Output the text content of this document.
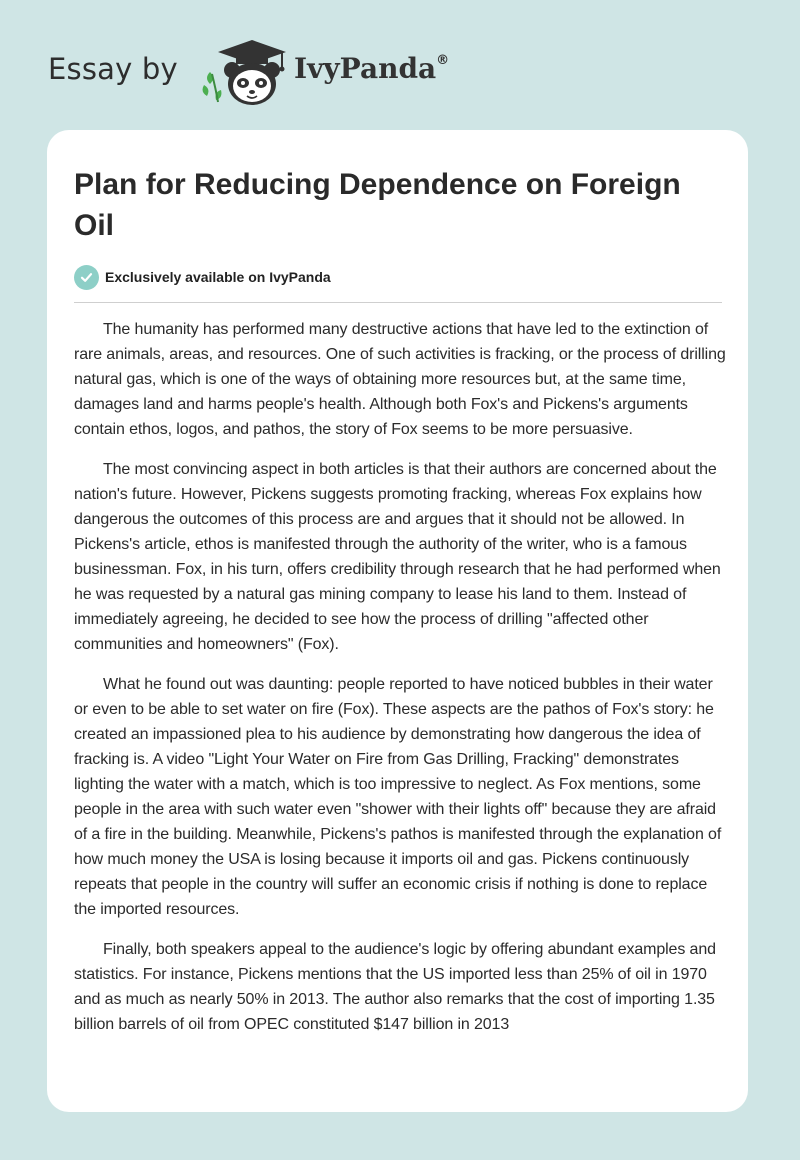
Essay by	IvyPanda®
Plan for Reducing Dependence on Foreign Oil
Exclusively available on IvyPanda

The humanity has performed many destructive actions that have led to the extinction of rare animals, areas, and resources. One of such activities is fracking, or the process of drilling natural gas, which is one of the ways of obtaining more resources but, at the same time, damages land and harms people's health. Although both Fox's and Pickens's arguments contain ethos, logos, and pathos, the story of Fox seems to be more persuasive.

The most convincing aspect in both articles is that their authors are concerned about the nation's future. However, Pickens suggests promoting fracking, whereas Fox explains how dangerous the outcomes of this process are and argues that it should not be allowed. In Pickens's article, ethos is manifested through the authority of the writer, who is a famous businessman. Fox, in his turn, offers credibility through research that he had performed when he was requested by a natural gas mining company to lease his land to them. Instead of immediately agreeing, he decided to see how the process of drilling "affected other communities and homeowners" (Fox).

What he found out was daunting: people reported to have noticed bubbles in their water or even to be able to set water on fire (Fox). These aspects are the pathos of Fox's story: he created an impassioned plea to his audience by demonstrating how dangerous the idea of fracking is. A video "Light Your Water on Fire from Gas Drilling, Fracking" demonstrates lighting the water with a match, which is too impressive to neglect. As Fox mentions, some people in the area with such water even "shower with their lights off" because they are afraid of a fire in the building. Meanwhile, Pickens's pathos is manifested through the explanation of how much money the USA is losing because it imports oil and gas. Pickens continuously repeats that people in the country will suffer an economic crisis if nothing is done to replace the imported resources.

Finally, both speakers appeal to the audience's logic by offering abundant examples and statistics. For instance, Pickens mentions that the US imported less than 25% of oil in 1970 and as much as nearly 50% in 2013. The author also remarks that the cost of importing 1.35 billion barrels of oil from OPEC constituted $147 billion in 2013
